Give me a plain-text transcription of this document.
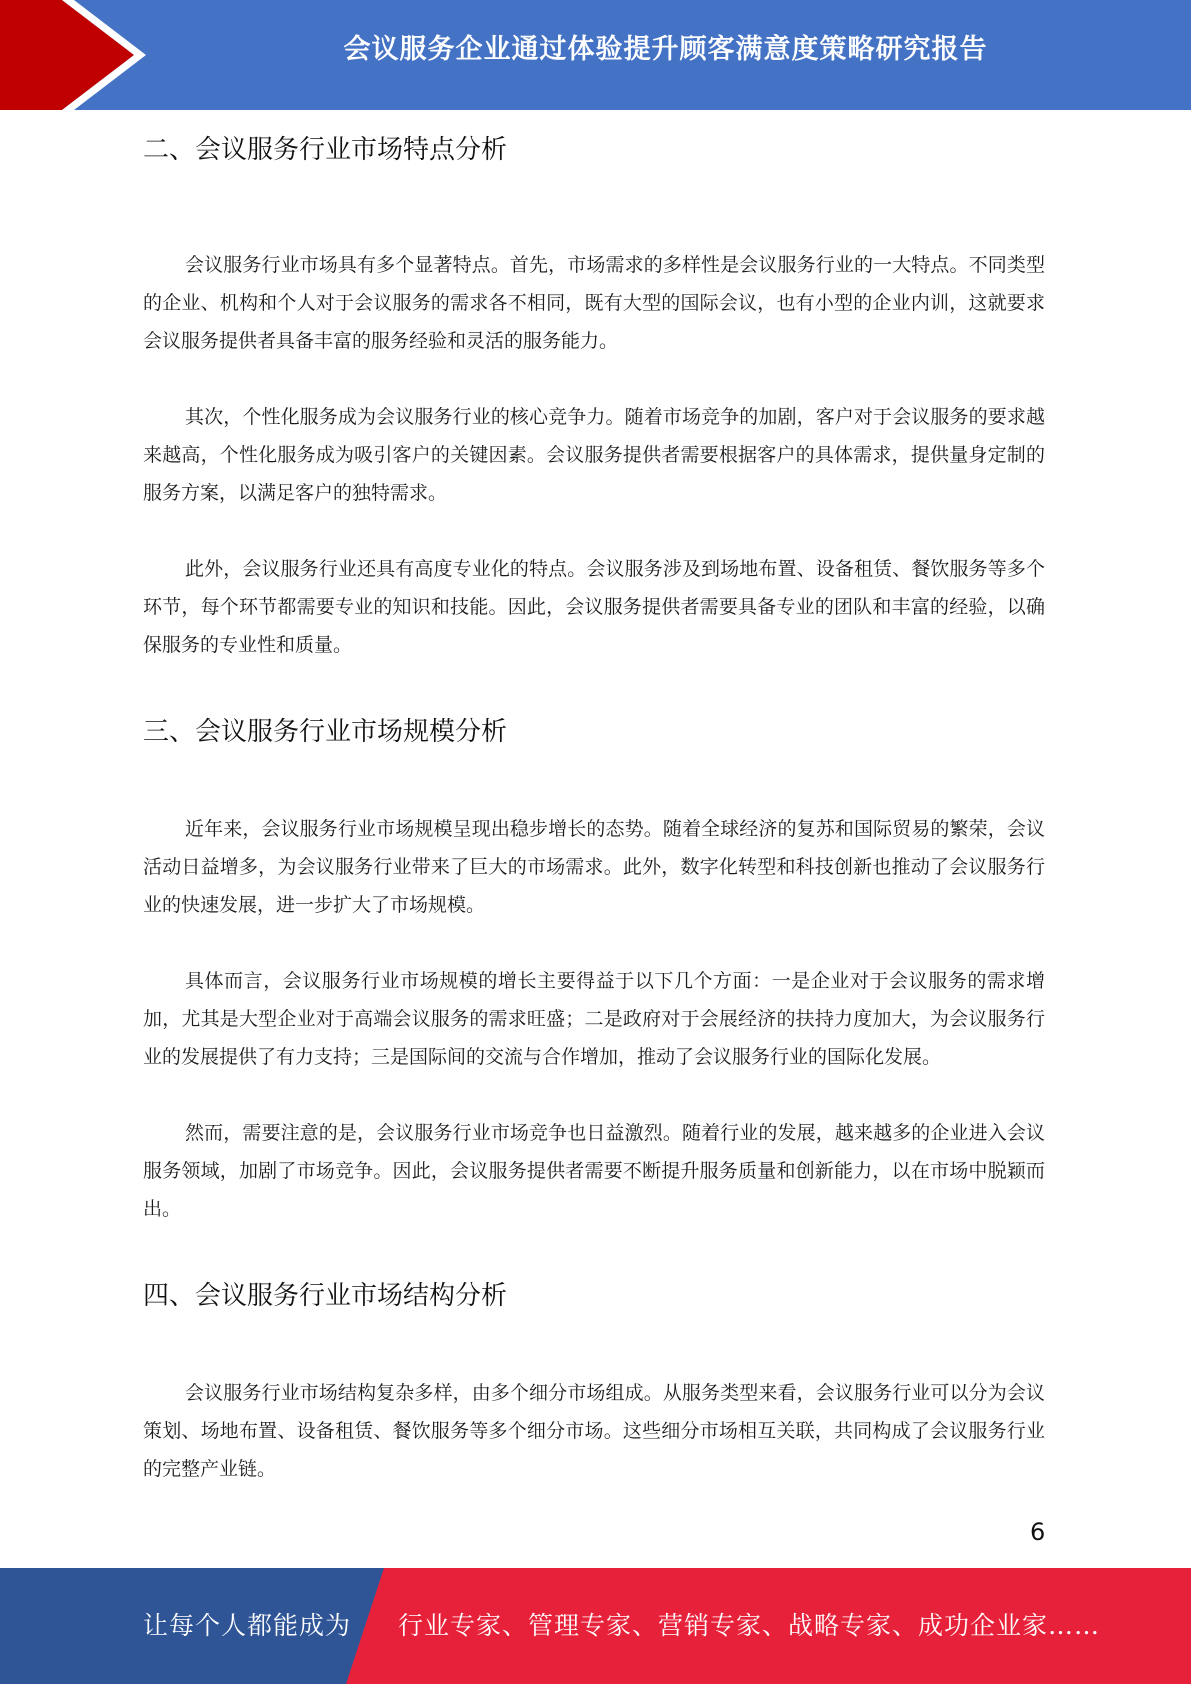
会议服务企业通过体验提升顾客满意度策略研究报告
二、会议服务行业市场特点分析

会议服务行业市场具有多个显著特点。首先，市场需求的多样性是会议服务行业的一大特点。不同类型的企业、机构和个人对于会议服务的需求各不相同，既有大型的国际会议，也有小型的企业内训，这就要求会议服务提供者具备丰富的服务经验和灵活的服务能力。

其次，个性化服务成为会议服务行业的核心竞争力。随着市场竞争的加剧，客户对于会议服务的要求越来越高，个性化服务成为吸引客户的关键因素。会议服务提供者需要根据客户的具体需求，提供量身定制的服务方案，以满足客户的独特需求。

此外，会议服务行业还具有高度专业化的特点。会议服务涉及到场地布置、设备租赁、餐饮服务等多个环节，每个环节都需要专业的知识和技能。因此，会议服务提供者需要具备专业的团队和丰富的经验，以确保服务的专业性和质量。

三、会议服务行业市场规模分析

近年来，会议服务行业市场规模呈现出稳步增长的态势。随着全球经济的复苏和国际贸易的繁荣，会议活动日益增多，为会议服务行业带来了巨大的市场需求。此外，数字化转型和科技创新也推动了会议服务行业的快速发展，进一步扩大了市场规模。

具体而言，会议服务行业市场规模的增长主要得益于以下几个方面：一是企业对于会议服务的需求增加，尤其是大型企业对于高端会议服务的需求旺盛；二是政府对于会展经济的扶持力度加大，为会议服务行业的发展提供了有力支持；三是国际间的交流与合作增加，推动了会议服务行业的国际化发展。

然而，需要注意的是，会议服务行业市场竞争也日益激烈。随着行业的发展，越来越多的企业进入会议服务领域，加剧了市场竞争。因此，会议服务提供者需要不断提升服务质量和创新能力，以在市场中脱颖而出。

四、会议服务行业市场结构分析

会议服务行业市场结构复杂多样，由多个细分市场组成。从服务类型来看，会议服务行业可以分为会议策划、场地布置、设备租赁、餐饮服务等多个细分市场。这些细分市场相互关联，共同构成了会议服务行业的完整产业链。

6
让每个人都能成为 行业专家、管理专家、营销专家、战略专家、成功企业家……
